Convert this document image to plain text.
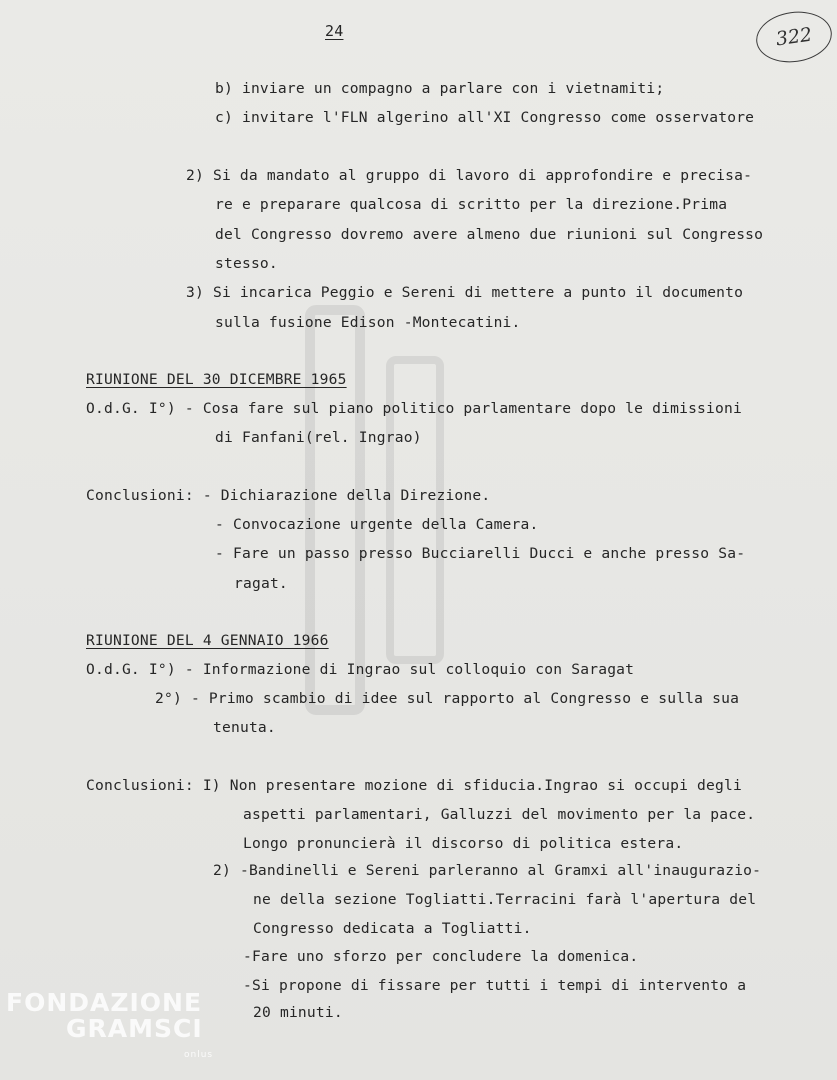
24	322
b) inviare un compagno a parlare con i vietnamiti;
c) invitare l'FLN algerino all'XI Congresso come osservatore
2) Si da mandato al gruppo di lavoro di approfondire e precisa-
re e preparare qualcosa di scritto per la direzione.Prima
del Congresso dovremo avere almeno due riunioni sul Congresso
stesso.
3) Si incarica Peggio e Sereni di mettere a punto il documento
sulla fusione Edison -Montecatini.
RIUNIONE DEL 30 DICEMBRE 1965
O.d.G. I°) - Cosa fare sul piano politico parlamentare dopo le dimissioni
di Fanfani(rel. Ingrao)
Conclusioni: - Dichiarazione della Direzione.
- Convocazione urgente della Camera.
- Fare un passo presso Bucciarelli Ducci e anche presso Sa-
ragat.
RIUNIONE DEL 4 GENNAIO 1966
O.d.G. I°) - Informazione di Ingrao sul colloquio con Saragat
2°) - Primo scambio di idee sul rapporto al Congresso e sulla sua
tenuta.
Conclusioni: I) Non presentare mozione di sfiducia.Ingrao si occupi degli
aspetti parlamentari, Galluzzi del movimento per la pace.
Longo pronuncierà il discorso di politica estera.
2) -Bandinelli e Sereni parleranno al Gramxi all'inaugurazio-
ne della sezione Togliatti.Terracini farà l'apertura del
Congresso dedicata a Togliatti.
-Fare uno sforzo per concludere la domenica.
-Si propone di fissare per tutti i tempi di intervento a
20 minuti.
FONDAZIONE
GRAMSCI
onlus
